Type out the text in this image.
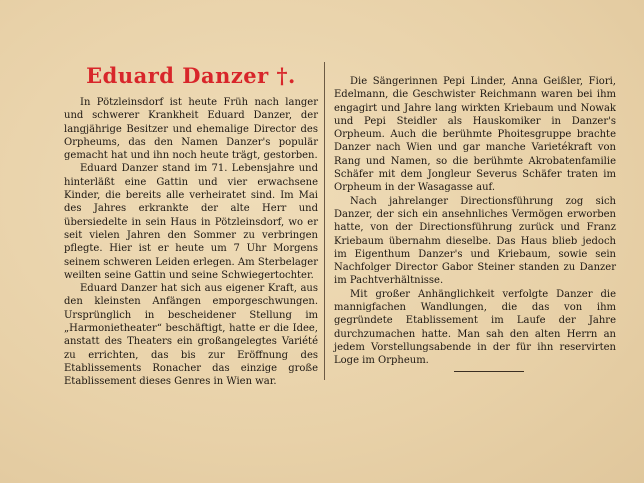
Eduard Danzer †.

In Pötzleinsdorf ist heute Früh nach langer und schwerer Krankheit Eduard Danzer, der langjährige Besitzer und ehemalige Director des Orpheums, das den Namen Danzer's populär gemacht hat und ihn noch heute trägt, gestorben.

Eduard Danzer stand im 71. Lebensjahre und hinterläßt eine Gattin und vier erwachsene Kinder, die bereits alle verheiratet sind. Im Mai des Jahres erkrankte der alte Herr und übersiedelte in sein Haus in Pötzleinsdorf, wo er seit vielen Jahren den Sommer zu verbringen pflegte. Hier ist er heute um 7 Uhr Morgens seinem schweren Leiden erlegen. Am Sterbelager weilten seine Gattin und seine Schwiegertochter.

Eduard Danzer hat sich aus eigener Kraft, aus den kleinsten Anfängen emporgeschwungen. Ursprünglich in bescheidener Stellung im „Harmonietheater“ beschäftigt, hatte er die Idee, anstatt des Theaters ein großangelegtes Variété zu errichten, das bis zur Eröffnung des Etablissements Ronacher das einzige große Etablissement dieses Genres in Wien war.

Die Sängerinnen Pepi Linder, Anna Geißler, Fiori, Edelmann, die Geschwister Reichmann waren bei ihm engagirt und Jahre lang wirkten Kriebaum und Nowak und Pepi Steidler als Hauskomiker in Danzer's Orpheum. Auch die berühmte Phoitesgruppe brachte Danzer nach Wien und gar manche Varietékraft von Rang und Namen, so die berühmte Akrobatenfamilie Schäfer mit dem Jongleur Severus Schäfer traten im Orpheum in der Wasagasse auf.

Nach jahrelanger Directionsführung zog sich Danzer, der sich ein ansehnliches Vermögen erworben hatte, von der Directionsführung zurück und Franz Kriebaum übernahm dieselbe. Das Haus blieb jedoch im Eigenthum Danzer's und Kriebaum, sowie sein Nachfolger Director Gabor Steiner standen zu Danzer im Pachtverhältnisse.

Mit großer Anhänglichkeit verfolgte Danzer die mannigfachen Wandlungen, die das von ihm gegründete Etablissement im Laufe der Jahre durchzumachen hatte. Man sah den alten Herrn an jedem Vorstellungsabende in der für ihn reservirten Loge im Orpheum.
